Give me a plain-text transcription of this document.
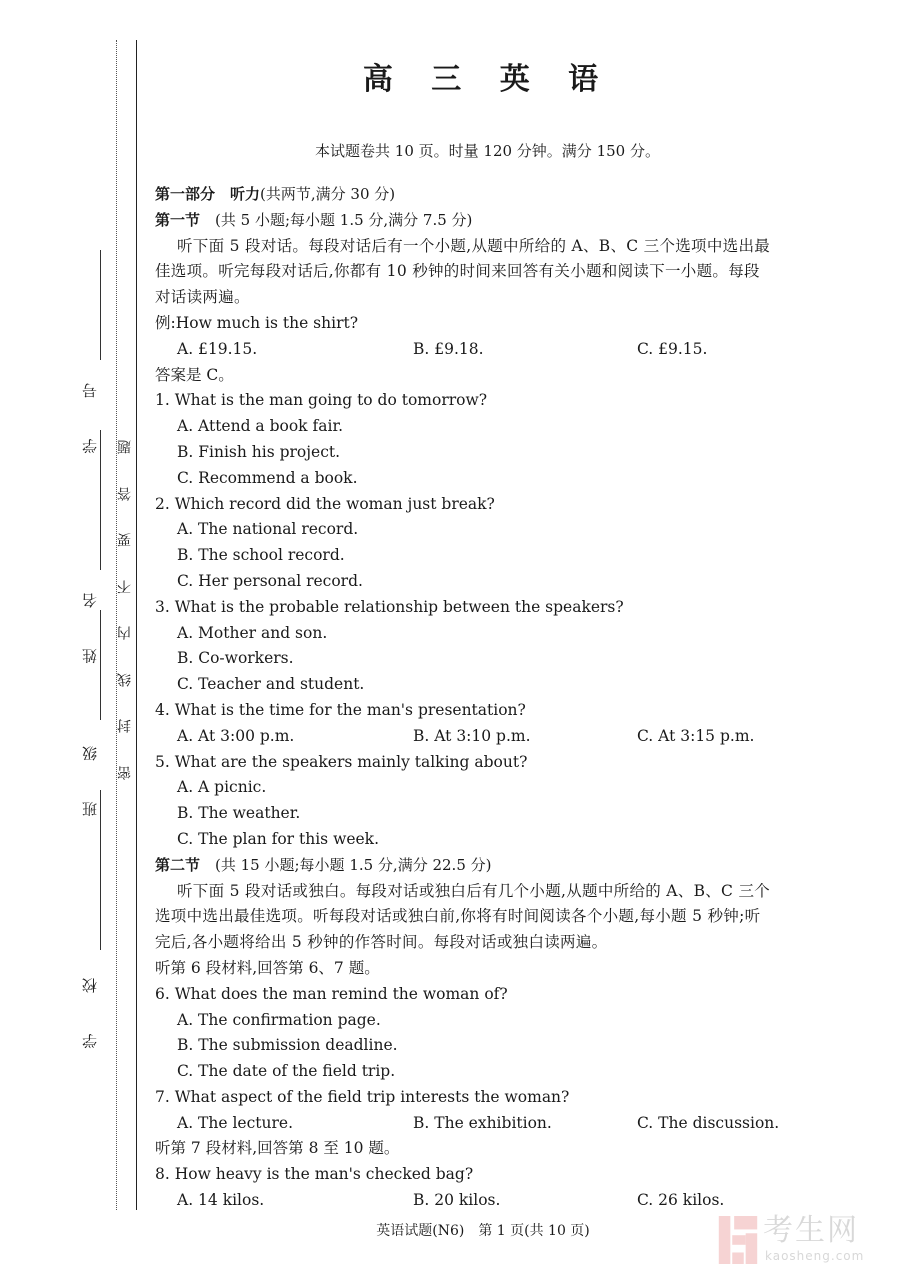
学 号
姓 名
班 级
学 校
密
封
线
内
不
要
答
题
高 三 英 语
本试题卷共 10 页。时量 120 分钟。满分 150 分。
第一部分　听力(共两节,满分 30 分)
第一节　(共 5 小题;每小题 1.5 分,满分 7.5 分)
听下面 5 段对话。每段对话后有一个小题,从题中所给的 A、B、C 三个选项中选出最
佳选项。听完每段对话后,你都有 10 秒钟的时间来回答有关小题和阅读下一小题。每段
对话读两遍。
例:How much is the shirt?
A. £19.15.	B. £9.18.	C. £9.15.
答案是 C。
1. What is the man going to do tomorrow?
A. Attend a book fair.
B. Finish his project.
C. Recommend a book.
2. Which record did the woman just break?
A. The national record.
B. The school record.
C. Her personal record.
3. What is the probable relationship between the speakers?
A. Mother and son.
B. Co-workers.
C. Teacher and student.
4. What is the time for the man's presentation?
A. At 3:00 p.m.	B. At 3:10 p.m.	C. At 3:15 p.m.
5. What are the speakers mainly talking about?
A. A picnic.
B. The weather.
C. The plan for this week.
第二节　(共 15 小题;每小题 1.5 分,满分 22.5 分)
听下面 5 段对话或独白。每段对话或独白后有几个小题,从题中所给的 A、B、C 三个
选项中选出最佳选项。听每段对话或独白前,你将有时间阅读各个小题,每小题 5 秒钟;听
完后,各小题将给出 5 秒钟的作答时间。每段对话或独白读两遍。
听第 6 段材料,回答第 6、7 题。
6. What does the man remind the woman of?
A. The confirmation page.
B. The submission deadline.
C. The date of the field trip.
7. What aspect of the field trip interests the woman?
A. The lecture.	B. The exhibition.	C. The discussion.
听第 7 段材料,回答第 8 至 10 题。
8. How heavy is the man's checked bag?
A. 14 kilos.	B. 20 kilos.	C. 26 kilos.
英语试题(N6)　第 1 页(共 10 页)	考生网
kaosheng.com
